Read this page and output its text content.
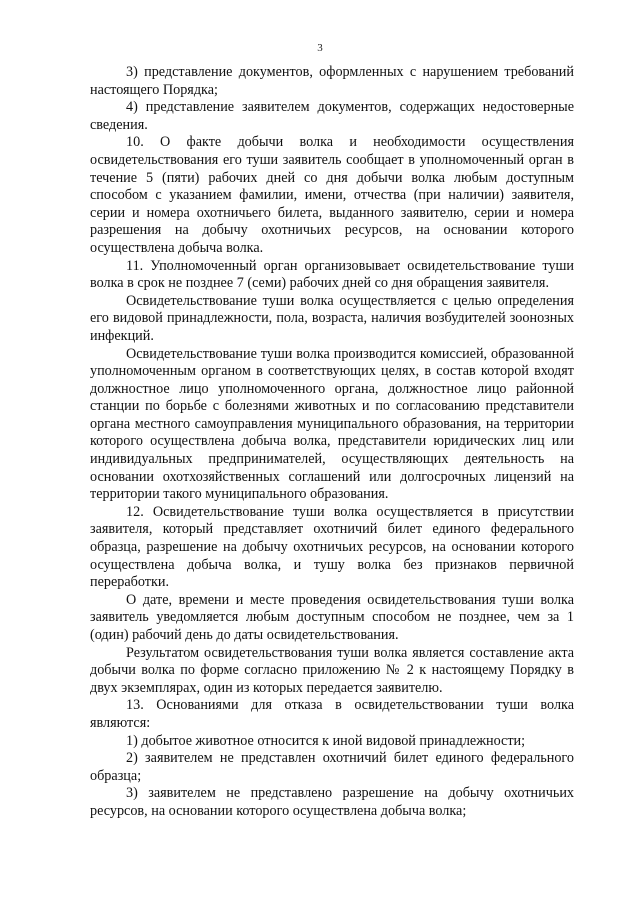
3

3) представление документов, оформленных с нарушением требований настоящего Порядка;

4) представление заявителем документов, содержащих недостоверные сведения.

10. О факте добычи волка и необходимости осуществления освидетельствования его туши заявитель сообщает в уполномоченный орган в течение 5 (пяти) рабочих дней со дня добычи волка любым доступным способом с указанием фамилии, имени, отчества (при наличии) заявителя, серии и номера охотничьего билета, выданного заявителю, серии и номера разрешения на добычу охотничьих ресурсов, на основании которого осуществлена добыча волка.

11. Уполномоченный орган организовывает освидетельствование туши волка в срок не позднее 7 (семи) рабочих дней со дня обращения заявителя.

Освидетельствование туши волка осуществляется с целью определения его видовой принадлежности, пола, возраста, наличия возбудителей зоонозных инфекций.

Освидетельствование туши волка производится комиссией, образованной уполномоченным органом в соответствующих целях, в состав которой входят должностное лицо уполномоченного органа, должностное лицо районной станции по борьбе с болезнями животных и по согласованию представители органа местного самоуправления муниципального образования, на территории которого осуществлена добыча волка, представители юридических лиц или индивидуальных предпринимателей, осуществляющих деятельность на основании охотхозяйственных соглашений или долгосрочных лицензий на территории такого муниципального образования.

12. Освидетельствование туши волка осуществляется в присутствии заявителя, который представляет охотничий билет единого федерального образца, разрешение на добычу охотничьих ресурсов, на основании которого осуществлена добыча волка, и тушу волка без признаков первичной переработки.

О дате, времени и месте проведения освидетельствования туши волка заявитель уведомляется любым доступным способом не позднее, чем за 1 (один) рабочий день до даты освидетельствования.

Результатом освидетельствования туши волка является составление акта добычи волка по форме согласно приложению № 2 к настоящему Порядку в двух экземплярах, один из которых передается заявителю.

13. Основаниями для отказа в освидетельствовании туши волка являются:

1) добытое животное относится к иной видовой принадлежности;

2) заявителем не представлен охотничий билет единого федерального образца;

3) заявителем не представлено разрешение на добычу охотничьих ресурсов, на основании которого осуществлена добыча волка;
